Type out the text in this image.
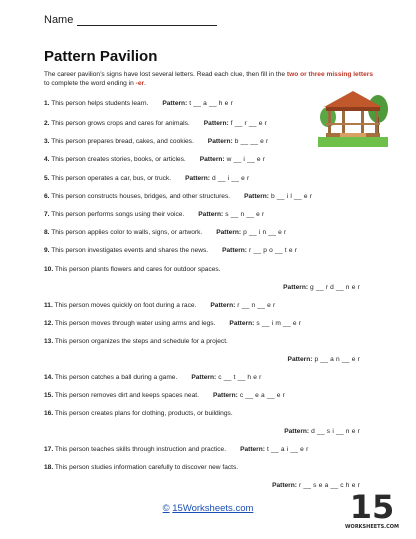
Name
Pattern Pavilion
The career pavilion’s signs have lost several letters. Read each clue, then fill in the two or three missing letters to complete the word ending in -er.
1. This person helps students learn. Pattern: t __ a __ h e r
2. This person grows crops and cares for animals. Pattern: f __ r __ e r
3. This person prepares bread, cakes, and cookies. Pattern: b __ __ e r
4. This person creates stories, books, or articles. Pattern: w __ i __ e r
5. This person operates a car, bus, or truck. Pattern: d __ i __ e r
6. This person constructs houses, bridges, and other structures. Pattern: b __ i l __ e r
7. This person performs songs using their voice. Pattern: s __ n __ e r
8. This person applies color to walls, signs, or artwork. Pattern: p __ i n __ e r
9. This person investigates events and shares the news. Pattern: r __ p o __ t e r
10. This person plants flowers and cares for outdoor spaces.
Pattern: g __ r d __ n e r
11. This person moves quickly on foot during a race. Pattern: r __ n __ e r
12. This person moves through water using arms and legs. Pattern: s __ i m __ e r
13. This person organizes the steps and schedule for a project.
Pattern: p __ a n __ e r
14. This person catches a ball during a game. Pattern: c __ t __ h e r
15. This person removes dirt and keeps spaces neat. Pattern: c __ e a __ e r
16. This person creates plans for clothing, products, or buildings.
Pattern: d __ s i __ n e r
17. This person teaches skills through instruction and practice. Pattern: t __ a i __ e r
18. This person studies information carefully to discover new facts.
Pattern: r __ s e a __ c h e r
© 15Worksheets.com	15
WORKSHEETS.COM
